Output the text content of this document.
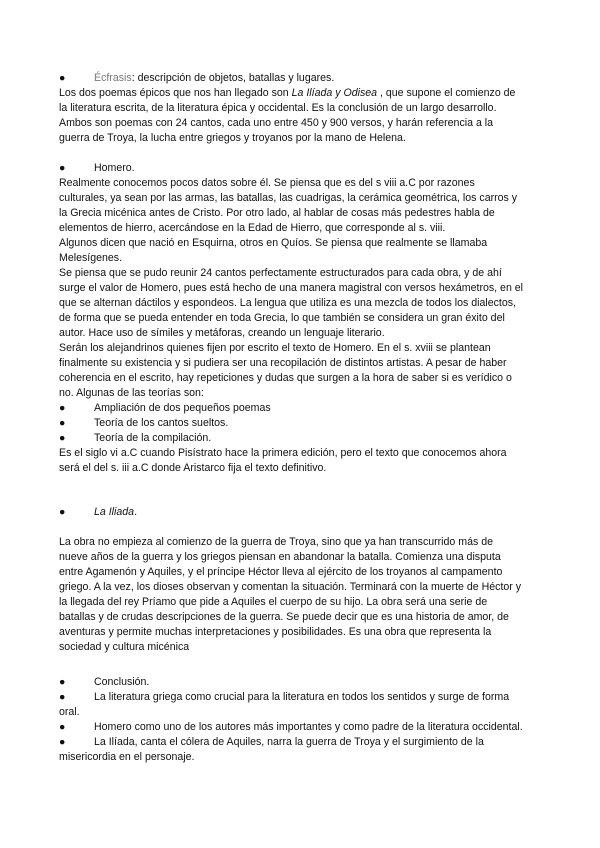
●	Écfrasis: descripción de objetos, batallas y lugares.
Los dos poemas épicos que nos han llegado son La Ilíada y Odisea , que supone el comienzo de
la literatura escrita, de la literatura épica y occidental. Es la conclusión de un largo desarrollo.
Ambos son poemas con 24 cantos, cada uno entre 450 y 900 versos, y harán referencia a la
guerra de Troya, la lucha entre griegos y troyanos por la mano de Helena.
●	Homero.
Realmente conocemos pocos datos sobre él. Se piensa que es del s viii a.C por razones
culturales, ya sean por las armas, las batallas, las cuadrigas, la cerámica geométrica, los carros y
la Grecia micénica antes de Cristo. Por otro lado, al hablar de cosas más pedestres habla de
elementos de hierro, acercándose en la Edad de Hierro, que corresponde al s. viii.
Algunos dicen que nació en Esquirna, otros en Quíos. Se piensa que realmente se llamaba
Melesígenes.
Se piensa que se pudo reunir 24 cantos perfectamente estructurados para cada obra, y de ahí
surge el valor de Homero, pues está hecho de una manera magistral con versos hexámetros, en el
que se alternan dáctilos y espondeos. La lengua que utiliza es una mezcla de todos los dialectos,
de forma que se pueda entender en toda Grecia, lo que también se considera un gran éxito del
autor. Hace uso de símiles y metáforas, creando un lenguaje literario.
Serán los alejandrinos quienes fijen por escrito el texto de Homero. En el s. xviii se plantean
finalmente su existencia y si pudiera ser una recopilación de distintos artistas. A pesar de haber
coherencia en el escrito, hay repeticiones y dudas que surgen a la hora de saber si es verídico o
no. Algunas de las teorías son:
●	Ampliación de dos pequeños poemas
●	Teoría de los cantos sueltos.
●	Teoría de la compilación.
Es el siglo vi a.C cuando Pisístrato hace la primera edición, pero el texto que conocemos ahora
será el del s. iii a.C donde Aristarco fija el texto definitivo.
●	La Iliada.
La obra no empieza al comienzo de la guerra de Troya, sino que ya han transcurrido más de
nueve años de la guerra y los griegos piensan en abandonar la batalla. Comienza una disputa
entre Agamenón y Aquiles, y el príncipe Héctor lleva al ejército de los troyanos al campamento
griego. A la vez, los dioses observan y comentan la situación. Terminará con la muerte de Héctor y
la llegada del rey Príamo que pide a Aquiles el cuerpo de su hijo. La obra será una serie de
batallas y de crudas descripciones de la guerra. Se puede decir que es una historia de amor, de
aventuras y permite muchas interpretaciones y posibilidades. Es una obra que representa la
sociedad y cultura micénica
●	Conclusión.
●	La literatura griega como crucial para la literatura en todos los sentidos y surge de forma
oral.
●	Homero como uno de los autores más importantes y como padre de la literatura occidental.
●	La Ilíada, canta el cólera de Aquiles, narra la guerra de Troya y el surgimiento de la
misericordia en el personaje.
